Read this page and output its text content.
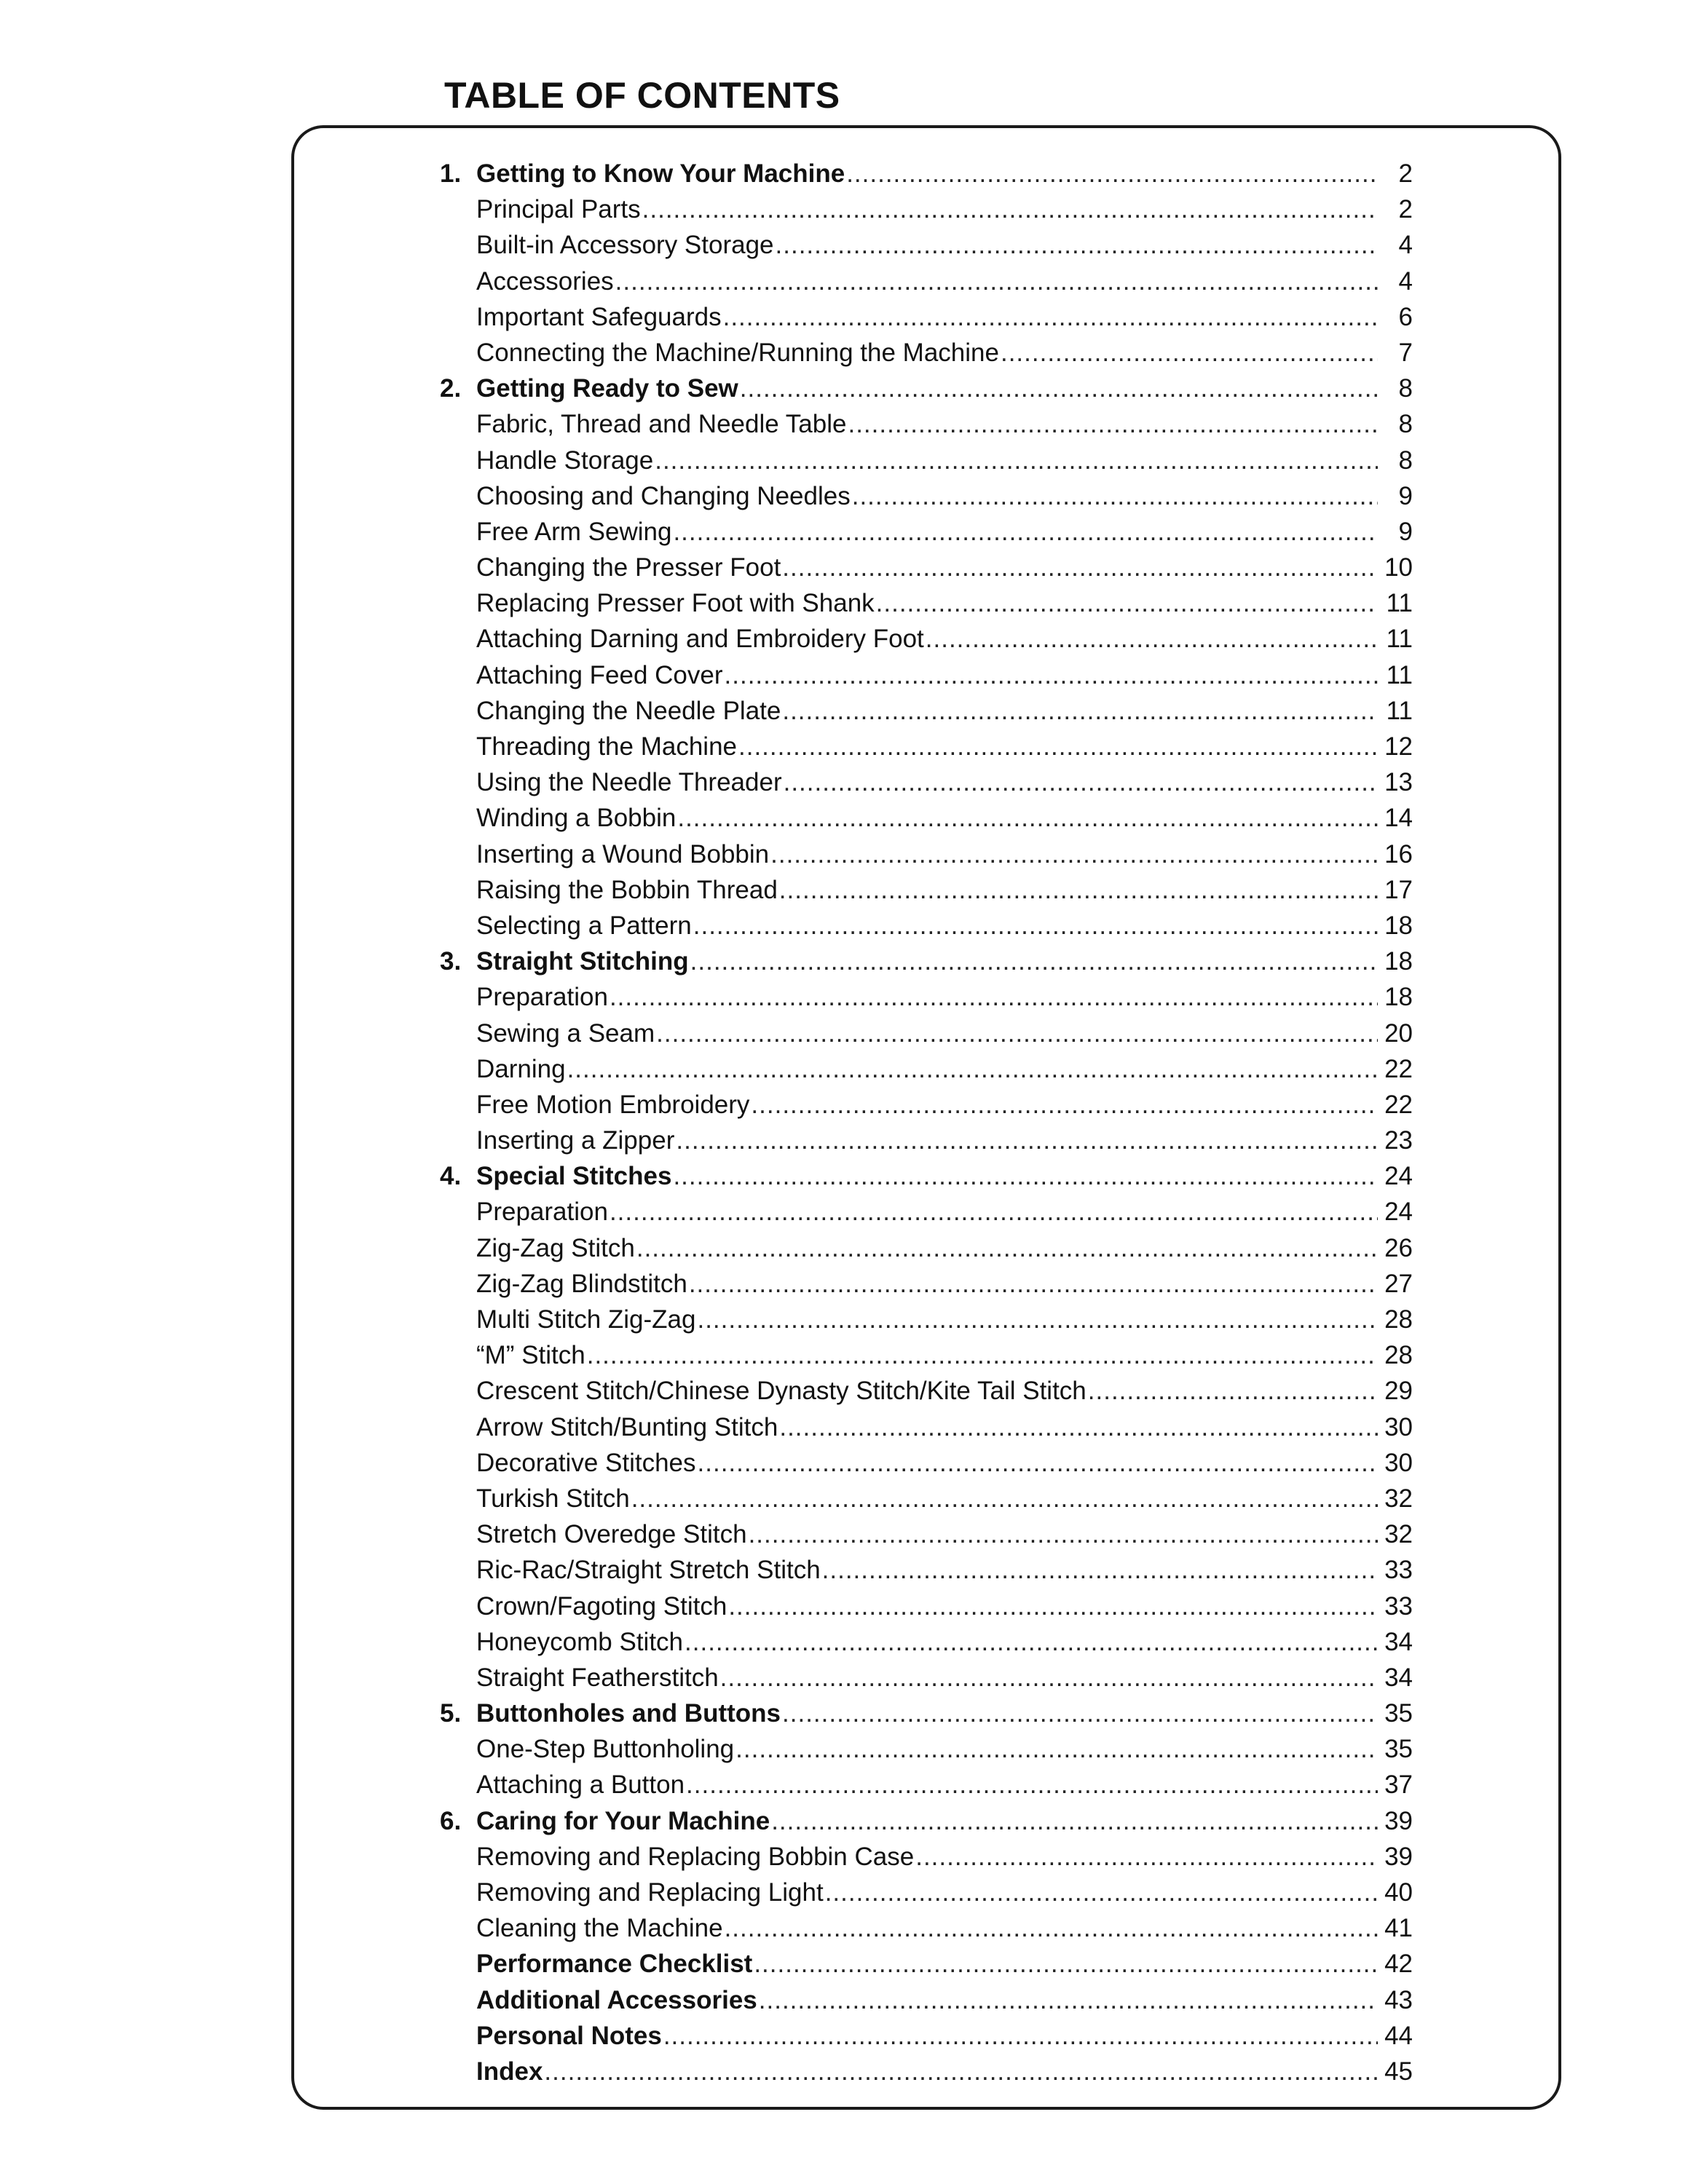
TABLE OF CONTENTS
1. Getting to Know Your Machine .....	2
Principal Parts .....	2
Built-in Accessory Storage .....	4
Accessories .....	4
Important Safeguards .....	6
Connecting the Machine/Running the Machine .....	7
2. Getting Ready to Sew .....	8
Fabric, Thread and Needle Table .....	8
Handle Storage .....	8
Choosing and Changing Needles .....	9
Free Arm Sewing .....	9
Changing the Presser Foot .....	10
Replacing Presser Foot with Shank .....	11
Attaching Darning and Embroidery Foot .....	11
Attaching Feed Cover .....	11
Changing the Needle Plate .....	11
Threading the Machine .....	12
Using the Needle Threader .....	13
Winding a Bobbin .....	14
Inserting a Wound Bobbin .....	16
Raising the Bobbin Thread .....	17
Selecting a Pattern .....	18
3. Straight Stitching .....	18
Preparation .....	18
Sewing a Seam .....	20
Darning .....	22
Free Motion Embroidery .....	22
Inserting a Zipper .....	23
4. Special Stitches .....	24
Preparation .....	24
Zig-Zag Stitch .....	26
Zig-Zag Blindstitch .....	27
Multi Stitch Zig-Zag .....	28
“M” Stitch .....	28
Crescent Stitch/Chinese Dynasty Stitch/Kite Tail Stitch .....	29
Arrow Stitch/Bunting Stitch .....	30
Decorative Stitches .....	30
Turkish Stitch .....	32
Stretch Overedge Stitch .....	32
Ric-Rac/Straight Stretch Stitch .....	33
Crown/Fagoting Stitch .....	33
Honeycomb Stitch .....	34
Straight Featherstitch .....	34
5. Buttonholes and Buttons .....	35
One-Step Buttonholing .....	35
Attaching a Button .....	37
6. Caring for Your Machine .....	39
Removing and Replacing Bobbin Case .....	39
Removing and Replacing Light .....	40
Cleaning the Machine .....	41
Performance Checklist .....	42
Additional Accessories .....	43
Personal Notes .....	44
Index .....	45
